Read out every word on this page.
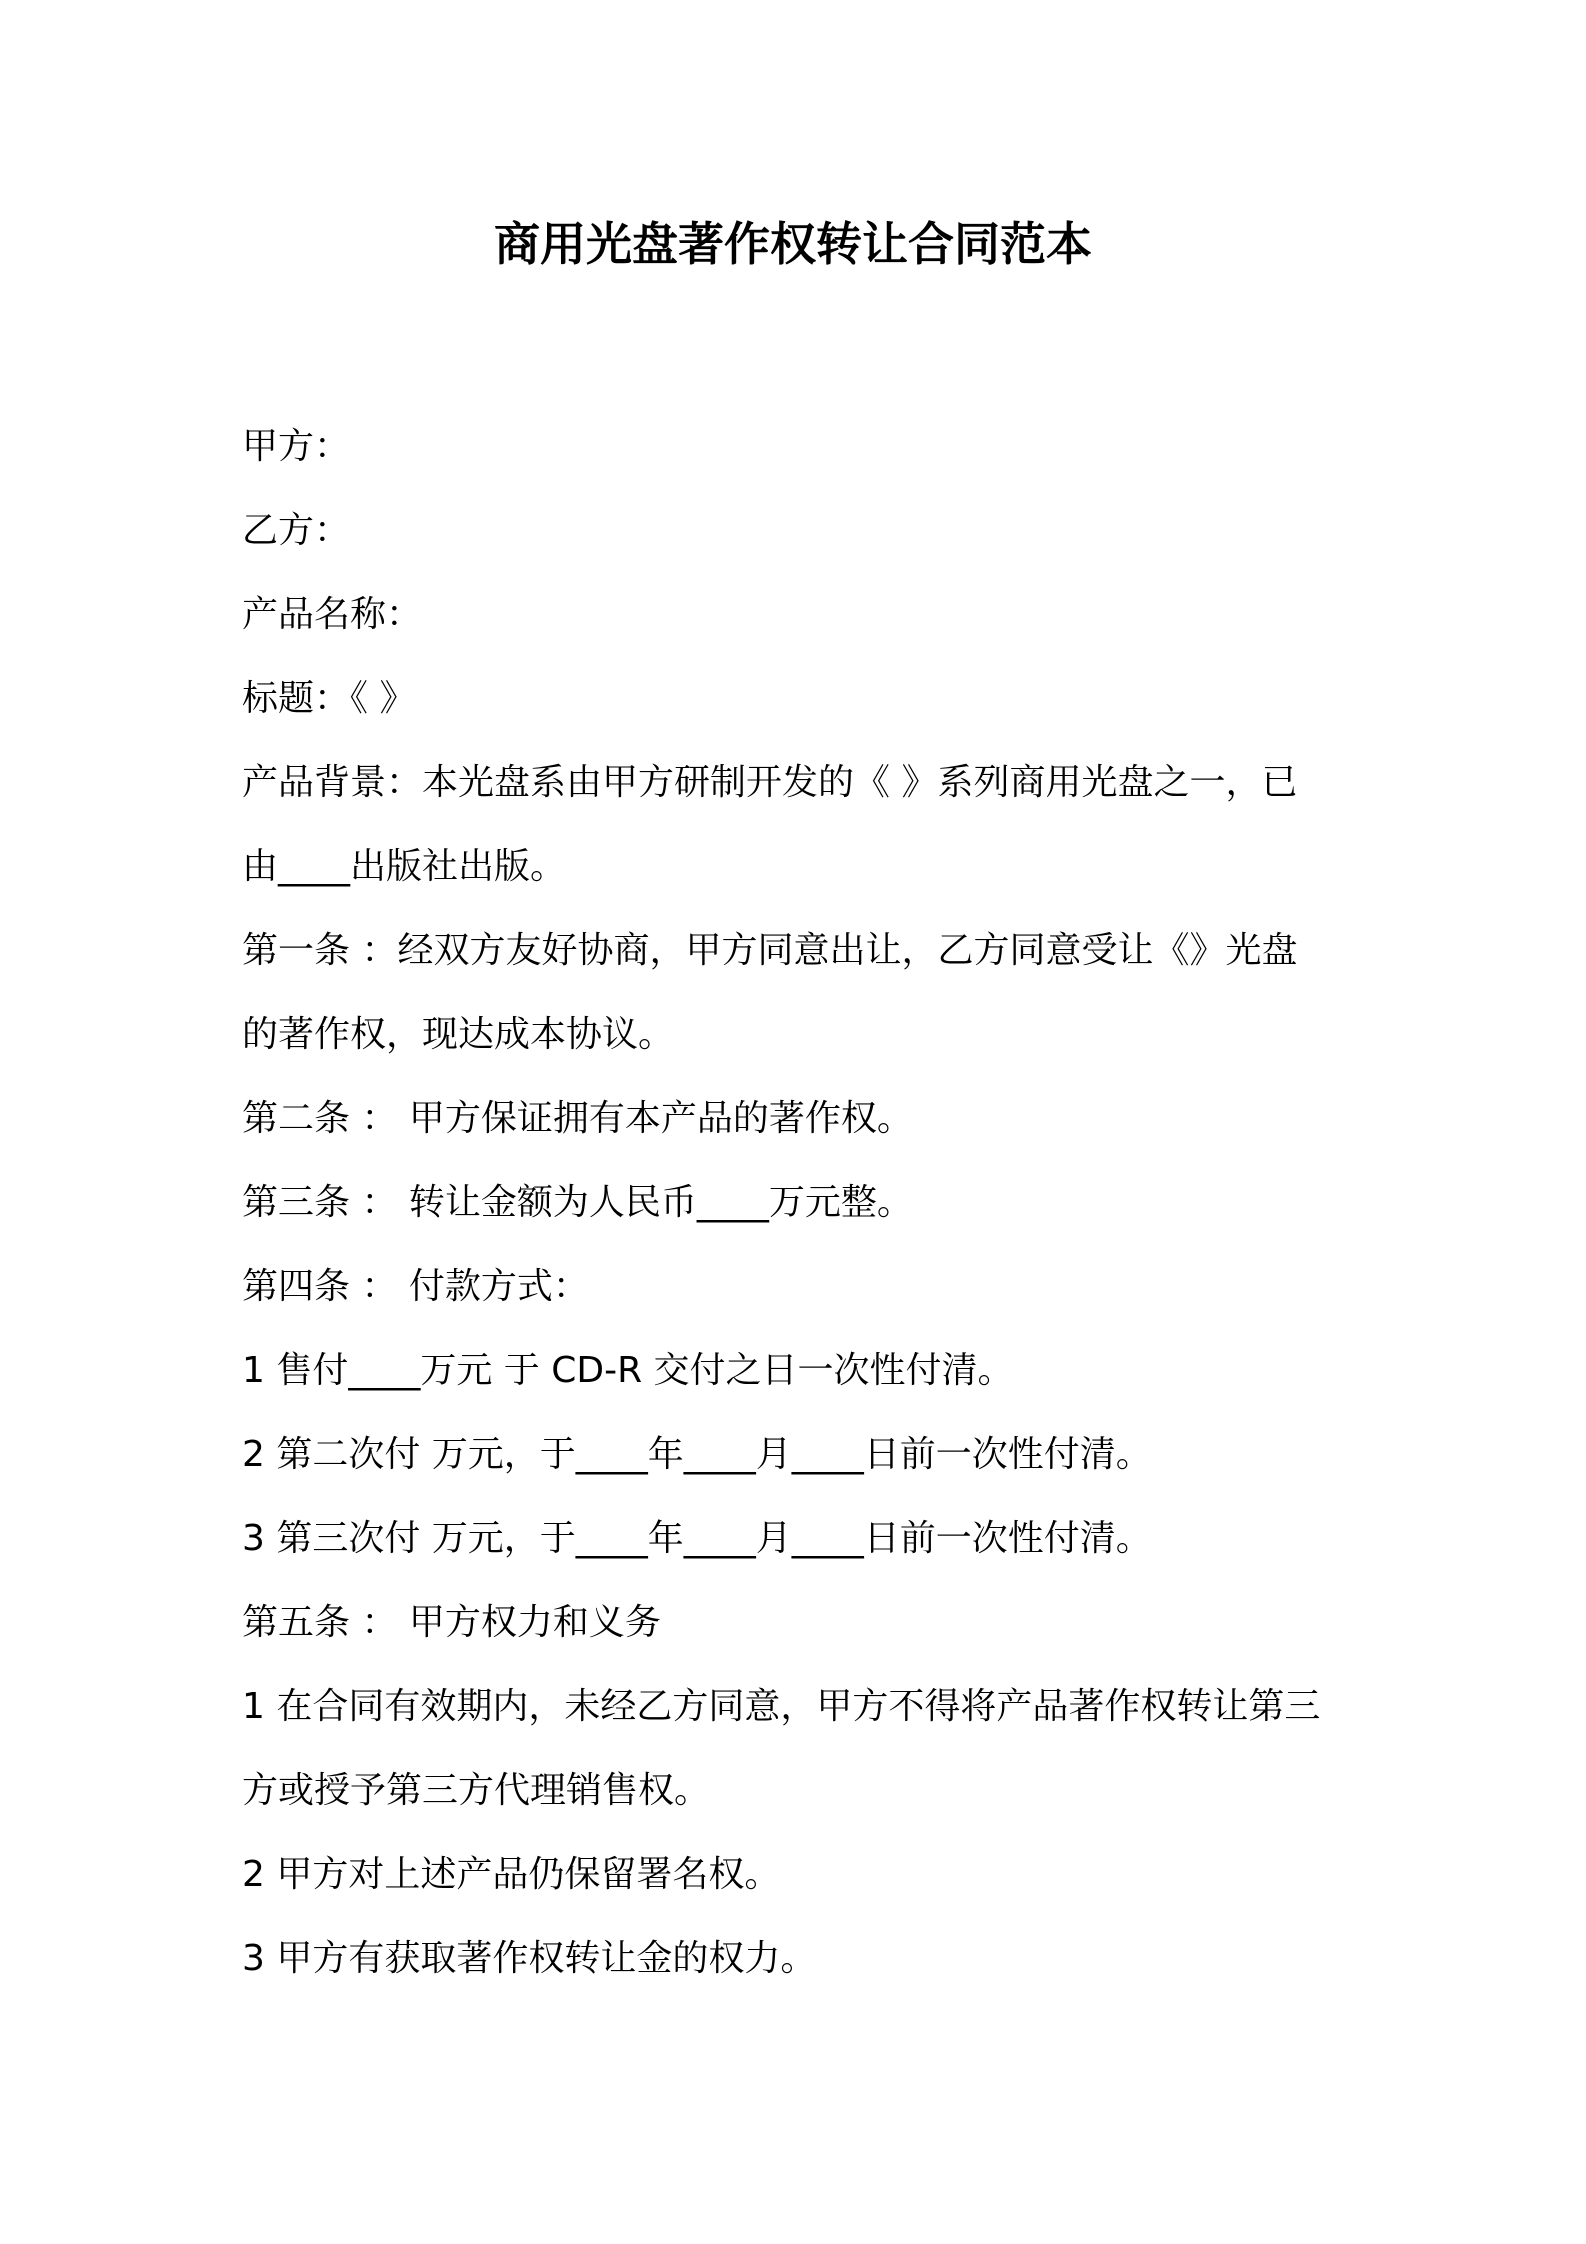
商用光盘著作权转让合同范本
甲方：
乙方：
产品名称：
标题：《 》
产品背景：本光盘系由甲方研制开发的《 》系列商用光盘之一，已
由____出版社出版。
第一条 ：经双方友好协商，甲方同意出让，乙方同意受让《》光盘
的著作权，现达成本协议。
第二条 ： 甲方保证拥有本产品的著作权。
第三条 ： 转让金额为人民币____万元整。
第四条 ： 付款方式：
1 售付____万元 于 CD-R 交付之日一次性付清。
2 第二次付 万元，于____年____月____日前一次性付清。
3 第三次付 万元，于____年____月____日前一次性付清。
第五条 ： 甲方权力和义务
1 在合同有效期内，未经乙方同意，甲方不得将产品著作权转让第三
方或授予第三方代理销售权。
2 甲方对上述产品仍保留署名权。
3 甲方有获取著作权转让金的权力。
